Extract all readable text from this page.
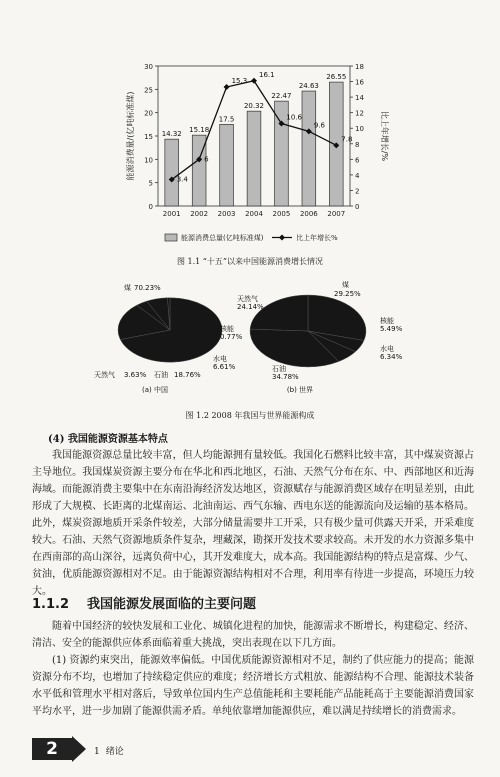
0
5
10
15
20
25
30
0
2
4
6
8
10
12
14
16
18
能源消费量/(亿吨标准煤)	比上年增长/%
14.32
2001
15.18
2002
17.5
2003
20.32
2004
22.47
2005
24.63
2006
26.55
2007
3.4
6
15.3
16.1
10.6
9.6
7.8
能源消费总量(亿吨标准煤)	比上年增长%
图 1.1 “十五”以来中国能源消费增长情况
煤 70.23%
石油 18.76%
天然气 3.63%
水电
6.61%
核能
0.77%
(a) 中国
煤
29.25%
核能
5.49%
水电
6.34%
石油
34.78%
天然气
24.14%
(b) 世界
图 1.2 2008 年我国与世界能源构成
(4) 我国能源资源基本特点

我国能源资源总量比较丰富，但人均能源拥有量较低。我国化石燃料比较丰富，其中煤炭资源占主导地位。我国煤炭资源主要分布在华北和西北地区，石油、天然气分布在东、中、西部地区和近海海域。而能源消费主要集中在东南沿海经济发达地区，资源赋存与能源消费区域存在明显差别，由此形成了大规模、长距离的北煤南运、北油南运、西气东输、西电东送的能源流向及运输的基本格局。此外，煤炭资源地质开采条件较差，大部分储量需要井工开采，只有极少量可供露天开采，开采难度较大。石油、天然气资源地质条件复杂，埋藏深，勘探开发技术要求较高。未开发的水力资源多集中在西南部的高山深谷，远离负荷中心，其开发难度大，成本高。我国能源结构的特点是富煤、少气、贫油，优质能源资源相对不足。由于能源资源结构相对不合理，利用率有待进一步提高，环境压力较大。

1.1.2 我国能源发展面临的主要问题

随着中国经济的较快发展和工业化、城镇化进程的加快，能源需求不断增长，构建稳定、经济、清洁、安全的能源供应体系面临着重大挑战，突出表现在以下几方面。

(1) 资源约束突出，能源效率偏低。中国优质能源资源相对不足，制约了供应能力的提高；能源资源分布不均，也增加了持续稳定供应的难度；经济增长方式粗放、能源结构不合理、能源技术装备水平低和管理水平相对落后，导致单位国内生产总值能耗和主要耗能产品能耗高于主要能源消费国家平均水平，进一步加剧了能源供需矛盾。单纯依靠增加能源供应，难以满足持续增长的消费需求。

2	1 绪论
